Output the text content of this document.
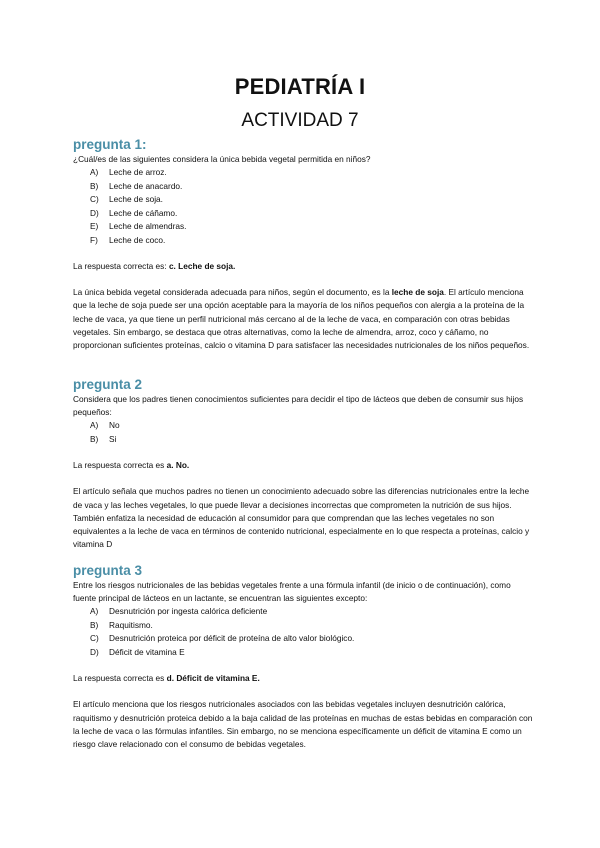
PEDIATRÍA I
ACTIVIDAD 7

pregunta 1:

¿Cuál/es de las siguientes considera la única bebida vegetal permitida en niños?

A) Leche de arroz.
B) Leche de anacardo.
C) Leche de soja.
D) Leche de cáñamo.
E) Leche de almendras.
F) Leche de coco.

La respuesta correcta es: c. Leche de soja.

La única bebida vegetal considerada adecuada para niños, según el documento, es la leche de soja. El artículo menciona que la leche de soja puede ser una opción aceptable para la mayoría de los niños pequeños con alergia a la proteína de la leche de vaca, ya que tiene un perfil nutricional más cercano al de la leche de vaca, en comparación con otras bebidas vegetales. Sin embargo, se destaca que otras alternativas, como la leche de almendra, arroz, coco y cáñamo, no proporcionan suficientes proteínas, calcio o vitamina D para satisfacer las necesidades nutricionales de los niños pequeños.

pregunta 2

Considera que los padres tienen conocimientos suficientes para decidir el tipo de lácteos que deben de consumir sus hijos pequeños:

A) No
B) Si

La respuesta correcta es a. No.

El artículo señala que muchos padres no tienen un conocimiento adecuado sobre las diferencias nutricionales entre la leche de vaca y las leches vegetales, lo que puede llevar a decisiones incorrectas que comprometen la nutrición de sus hijos. También enfatiza la necesidad de educación al consumidor para que comprendan que las leches vegetales no son equivalentes a la leche de vaca en términos de contenido nutricional, especialmente en lo que respecta a proteínas, calcio y vitamina D

pregunta 3

Entre los riesgos nutricionales de las bebidas vegetales frente a una fórmula infantil (de inicio o de continuación), como fuente principal de lácteos en un lactante, se encuentran las siguientes excepto:

A) Desnutrición por ingesta calórica deficiente
B) Raquitismo.
C) Desnutrición proteica por déficit de proteína de alto valor biológico.
D) Déficit de vitamina E

La respuesta correcta es d. Déficit de vitamina E.

El artículo menciona que los riesgos nutricionales asociados con las bebidas vegetales incluyen desnutrición calórica, raquitismo y desnutrición proteica debido a la baja calidad de las proteínas en muchas de estas bebidas en comparación con la leche de vaca o las fórmulas infantiles. Sin embargo, no se menciona específicamente un déficit de vitamina E como un riesgo clave relacionado con el consumo de bebidas vegetales.
